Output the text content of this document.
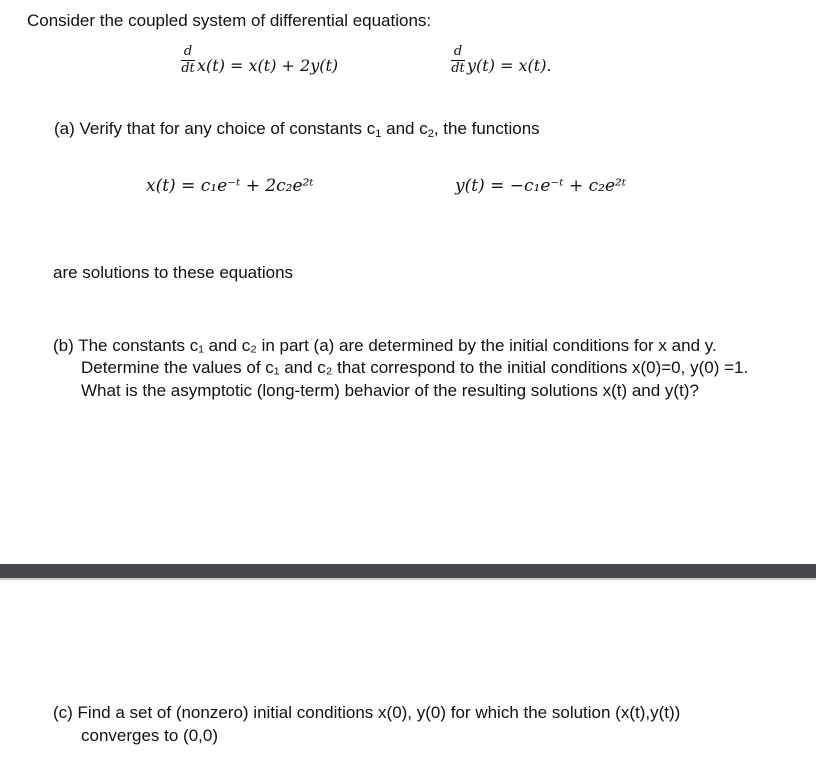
Consider the coupled system of differential equations:
d
dt x(t) = x(t) + 2y(t)
d
dt y(t) = x(t).
(a) Verify that for any choice of constants $c_1$ and $c_2$, the functions
x(t) = c₁e⁻ᵗ + 2c₂e²ᵗ	y(t) = −c₁e⁻ᵗ + c₂e²ᵗ
are solutions to these equations
(b) The constants c₁ and c₂ in part (a) are determined by the initial conditions for x and y.
Determine the values of c₁ and c₂ that correspond to the initial conditions x(0)=0, y(0) =1.
What is the asymptotic (long-term) behavior of the resulting solutions x(t) and y(t)?
(c) Find a set of (nonzero) initial conditions x(0), y(0) for which the solution (x(t),y(t))
converges to (0,0)
